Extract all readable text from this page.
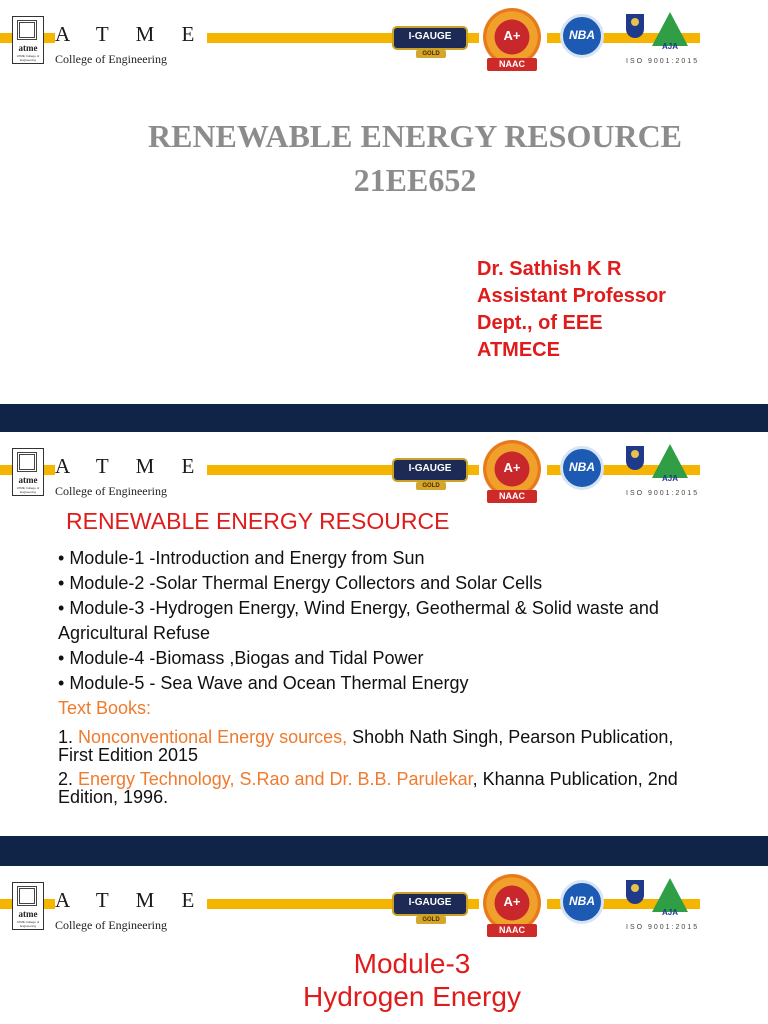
atme
ATME College of Engineering
A T M E
College of Engineering
I-GAUGE
GOLD
A+
NAAC
NBA
AJA
ISO 9001:2015
RENEWABLE ENERGY RESOURCE
21EE652
Dr. Sathish K R
Assistant Professor
Dept., of EEE
ATMECE
atme
ATME College of Engineering
A T M E
College of Engineering
I-GAUGE
GOLD
A+
NAAC
NBA
AJA
ISO 9001:2015
RENEWABLE ENERGY RESOURCE
• Module-1 -Introduction and Energy from Sun
• Module-2 -Solar Thermal Energy Collectors and Solar Cells
• Module-3 -Hydrogen Energy, Wind Energy, Geothermal & Solid waste and Agricultural Refuse
• Module-4 -Biomass ,Biogas and Tidal Power
• Module-5 - Sea Wave and Ocean Thermal Energy
Text Books:
1. Nonconventional Energy sources, Shobh Nath Singh, Pearson Publication, First Edition 2015
2. Energy Technology, S.Rao and Dr. B.B. Parulekar, Khanna Publication, 2nd Edition, 1996.
atme
ATME College of Engineering
A T M E
College of Engineering
I-GAUGE
GOLD
A+
NAAC
NBA
AJA
ISO 9001:2015
Module-3
Hydrogen Energy
